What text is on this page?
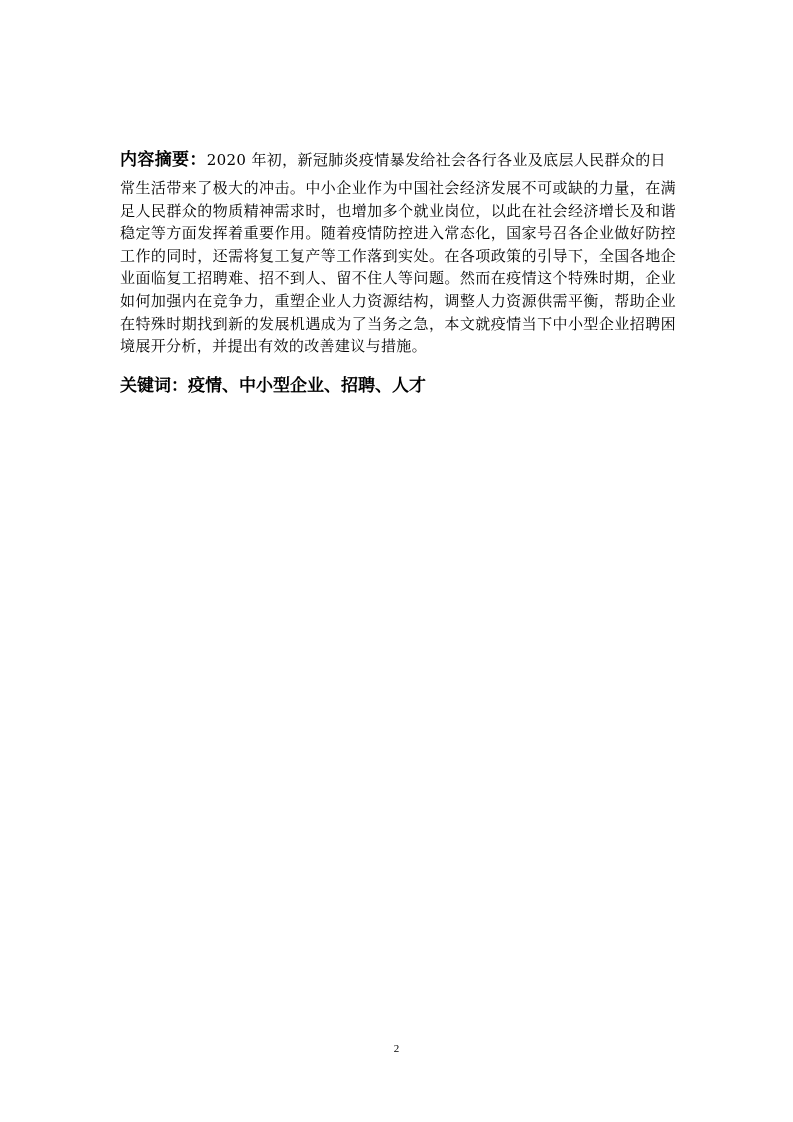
内容摘要：2020 年初，新冠肺炎疫情暴发给社会各行各业及底层人民群众的日
常生活带来了极大的冲击。中小企业作为中国社会经济发展不可或缺的力量，在满足人民群众的物质精神需求时，也增加多个就业岗位，以此在社会经济增长及和谐稳定等方面发挥着重要作用。随着疫情防控进入常态化，国家号召各企业做好防控工作的同时，还需将复工复产等工作落到实处。在各项政策的引导下，全国各地企业面临复工招聘难、招不到人、留不住人等问题。然而在疫情这个特殊时期，企业如何加强内在竞争力，重塑企业人力资源结构，调整人力资源供需平衡，帮助企业在特殊时期找到新的发展机遇成为了当务之急，本文就疫情当下中小型企业招聘困境展开分析，并提出有效的改善建议与措施。
关键词：疫情、中小型企业、招聘、人才
2
